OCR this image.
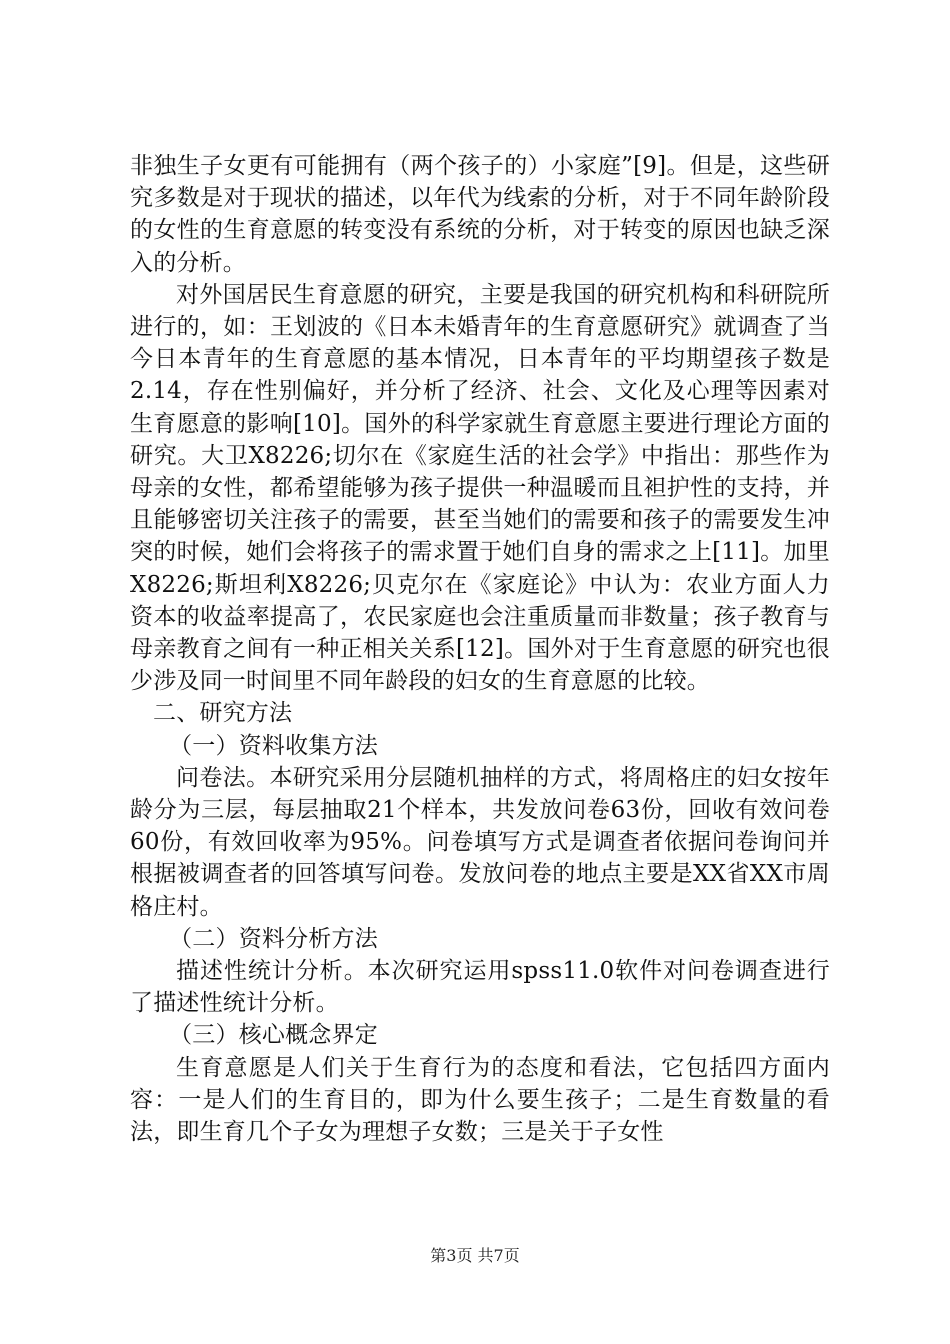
非独生子女更有可能拥有（两个孩子的）小家庭”[9]。但是，这些研究多数是对于现状的描述，以年代为线索的分析，对于不同年龄阶段的女性的生育意愿的转变没有系统的分析，对于转变的原因也缺乏深入的分析。

对外国居民生育意愿的研究，主要是我国的研究机构和科研院所进行的，如：王划波的《日本未婚青年的生育意愿研究》就调查了当今日本青年的生育意愿的基本情况，日本青年的平均期望孩子数是2.14，存在性别偏好，并分析了经济、社会、文化及心理等因素对生育愿意的影响[10]。国外的科学家就生育意愿主要进行理论方面的研究。大卫X8226;切尔在《家庭生活的社会学》中指出：那些作为母亲的女性，都希望能够为孩子提供一种温暖而且袒护性的支持，并且能够密切关注孩子的需要，甚至当她们的需要和孩子的需要发生冲突的时候，她们会将孩子的需求置于她们自身的需求之上[11]。加里X8226;斯坦利X8226;贝克尔在《家庭论》中认为：农业方面人力资本的收益率提高了，农民家庭也会注重质量而非数量；孩子教育与母亲教育之间有一种正相关关系[12]。国外对于生育意愿的研究也很少涉及同一时间里不同年龄段的妇女的生育意愿的比较。

二、研究方法

（一）资料收集方法

问卷法。本研究采用分层随机抽样的方式，将周格庄的妇女按年龄分为三层，每层抽取21个样本，共发放问卷63份，回收有效问卷60份，有效回收率为95%。问卷填写方式是调查者依据问卷询问并根据被调查者的回答填写问卷。发放问卷的地点主要是XX省XX市周格庄村。

（二）资料分析方法

描述性统计分析。本次研究运用spss11.0软件对问卷调查进行了描述性统计分析。

（三）核心概念界定

生育意愿是人们关于生育行为的态度和看法，它包括四方面内容：一是人们的生育目的，即为什么要生孩子；二是生育数量的看法，即生育几个子女为理想子女数；三是关于子女性

第3页 共7页
